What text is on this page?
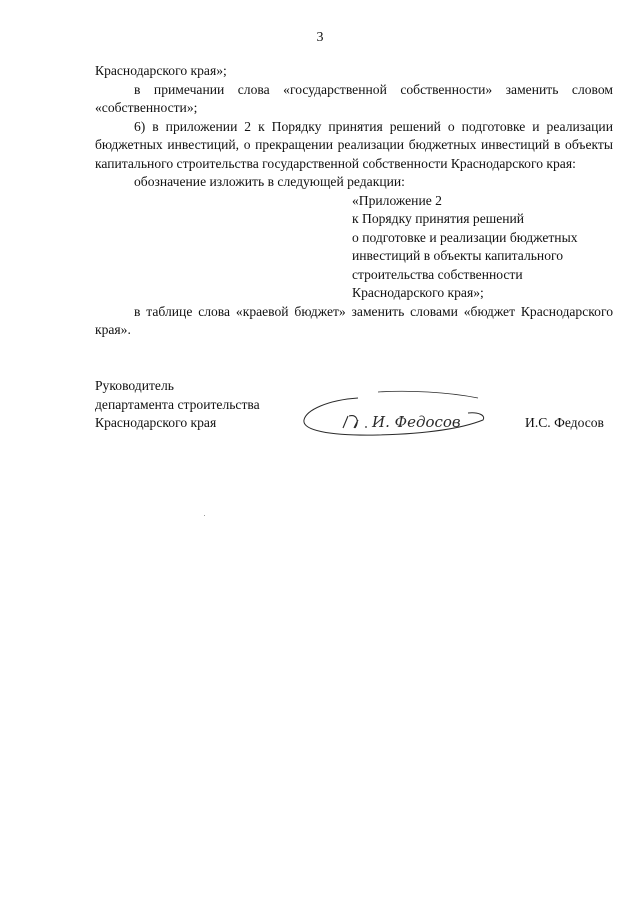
3

Краснодарского края»;

в примечании слова «государственной собственности» заменить словом «собственности»;

6) в приложении 2 к Порядку принятия решений о подготовке и реализации бюджетных инвестиций, о прекращении реализации бюджетных инвестиций в объекты капитального строительства государственной собственности Краснодарского края:

обозначение изложить в следующей редакции:

«Приложение 2
к Порядку принятия решений
о подготовке и реализации бюджетных
инвестиций в объекты капитального
строительства собственности
Краснодарского края»;

в таблице слова «краевой бюджет» заменить словами «бюджет Краснодарского края».

Руководитель
департамента строительства
Краснодарского края	И. Федосов	И.С. Федосов
